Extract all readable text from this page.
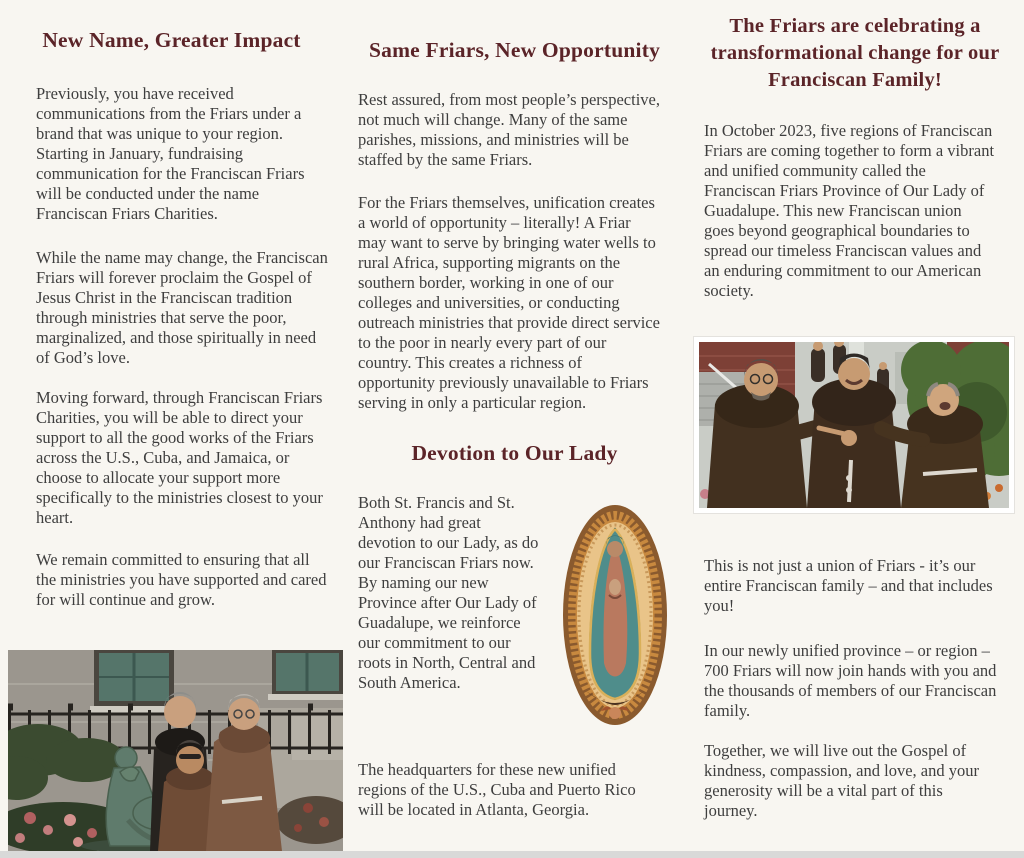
New Name, Greater Impact
Previously, you have received communications from the Friars under a brand that was unique to your region. Starting in January, fundraising communication for the Franciscan Friars will be conducted under the name Franciscan Friars Charities.
While the name may change, the Franciscan Friars will forever proclaim the Gospel of Jesus Christ in the Franciscan tradition through ministries that serve the poor, marginalized, and those spiritually in need of God’s love.
Moving forward, through Franciscan Friars Charities, you will be able to direct your support to all the good works of the Friars across the U.S., Cuba, and Jamaica, or choose to allocate your support more specifically to the ministries closest to your heart.
We remain committed to ensuring that all the ministries you have supported and cared for will continue and grow.
Same Friars, New Opportunity
Rest assured, from most people’s perspective, not much will change. Many of the same parishes, missions, and ministries will be staffed by the same Friars.
For the Friars themselves, unification creates a world of opportunity – literally! A Friar may want to serve by bringing water wells to rural Africa, supporting migrants on the southern border, working in one of our colleges and universities, or conducting outreach ministries that provide direct service to the poor in nearly every part of our country. This creates a richness of opportunity previously unavailable to Friars serving in only a particular region.
Devotion to Our Lady
Both St. Francis and St. Anthony had great devotion to our Lady, as do our Franciscan Friars now. By naming our new Province after Our Lady of Guadalupe, we reinforce our commitment to our roots in North, Central and South America.
The headquarters for these new unified regions of the U.S., Cuba and Puerto Rico will be located in Atlanta, Georgia.
The Friars are celebrating a transformational change for our Franciscan Family!
In October 2023, five regions of Franciscan Friars are coming together to form a vibrant and unified community called the Franciscan Friars Province of Our Lady of Guadalupe. This new Franciscan union goes beyond geographical boundaries to spread our timeless Franciscan values and an enduring commitment to our American society.
This is not just a union of Friars - it’s our entire Franciscan family – and that includes you!
In our newly unified province – or region – 700 Friars will now join hands with you and the thousands of members of our Franciscan family.
Together, we will live out the Gospel of kindness, compassion, and love, and your generosity will be a vital part of this journey.
